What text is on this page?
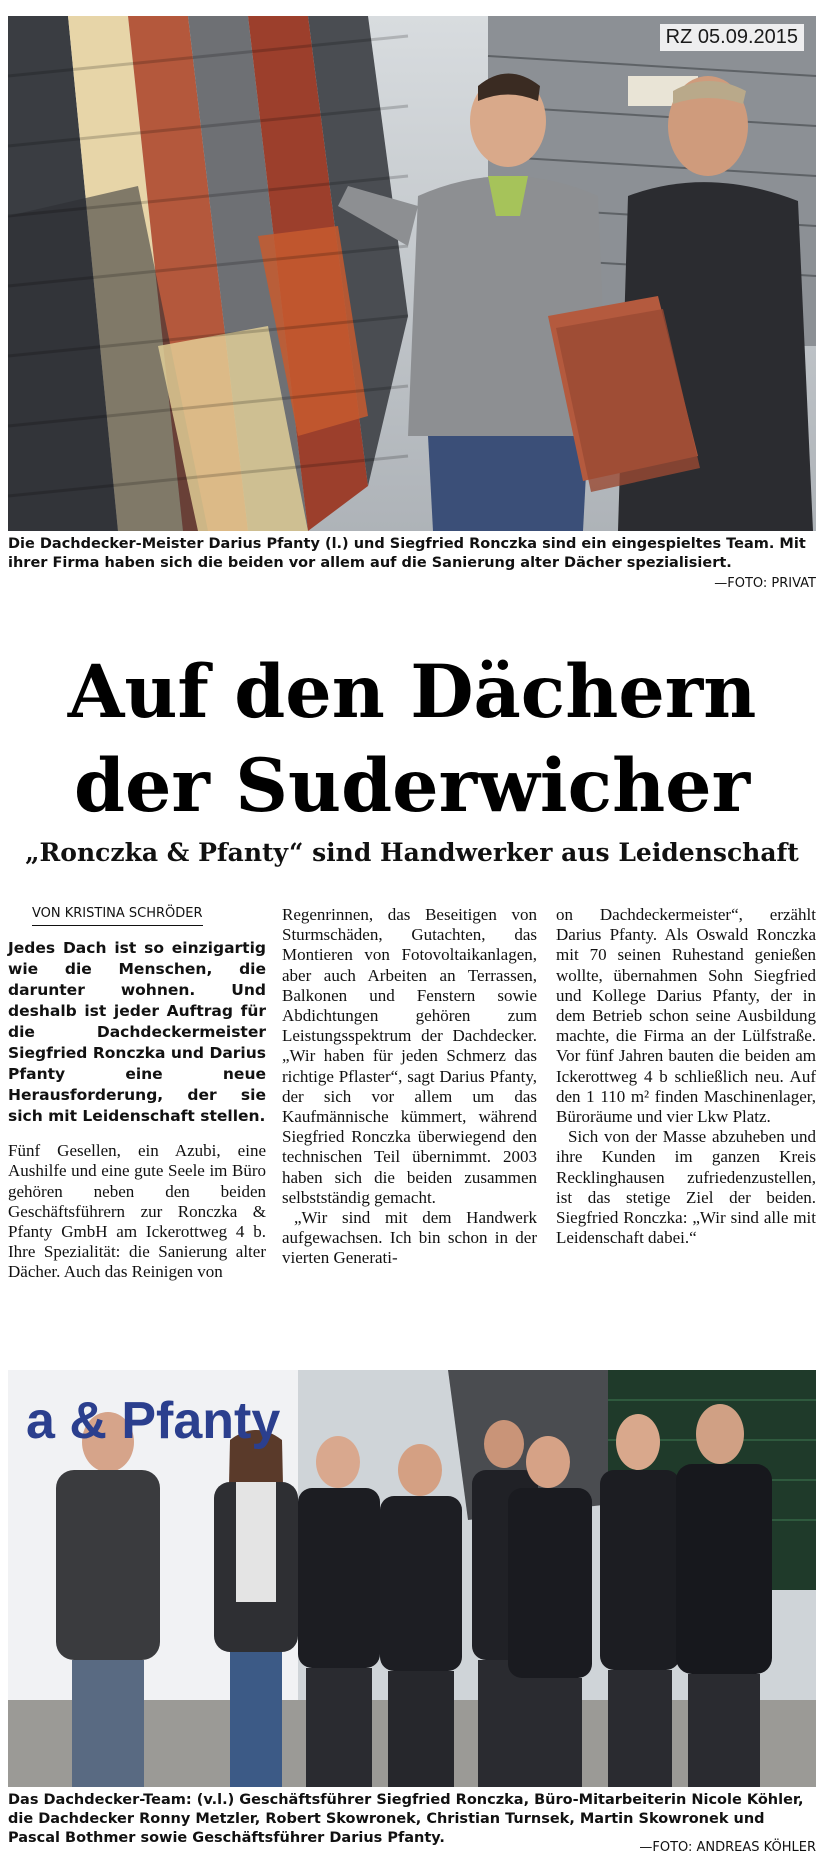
RZ 05.09.2015
Die Dachdecker-Meister Darius Pfanty (l.) und Siegfried Ronczka sind ein eingespieltes Team. Mit ihrer Firma haben sich die beiden vor allem auf die Sanierung alter Dächer spezialisiert.
—FOTO: PRIVAT
Auf den Dächern
der Suderwicher
„Ronczka & Pfanty“ sind Handwerker aus Leidenschaft
VON KRISTINA SCHRÖDER
Jedes Dach ist so einzigartig wie die Menschen, die darunter wohnen. Und deshalb ist jeder Auftrag für die Dachdeckermeister Siegfried Ronczka und Darius Pfanty eine neue Herausforderung, der sie sich mit Leidenschaft stellen.

Fünf Gesellen, ein Azubi, eine Aushilfe und eine gute Seele im Büro gehören neben den beiden Geschäftsführern zur Ronczka & Pfanty GmbH am Ickerottweg 4 b. Ihre Spezialität: die Sanierung alter Dächer. Auch das Reinigen von

Regenrinnen, das Beseitigen von Sturmschäden, Gutachten, das Montieren von Fotovoltaikanlagen, aber auch Arbeiten an Terrassen, Balkonen und Fenstern sowie Abdichtungen gehören zum Leistungsspektrum der Dachdecker. „Wir haben für jeden Schmerz das richtige Pflaster“, sagt Darius Pfanty, der sich vor allem um das Kaufmännische kümmert, während Siegfried Ronczka überwiegend den technischen Teil übernimmt. 2003 haben sich die beiden zusammen selbstständig gemacht.

„Wir sind mit dem Handwerk aufgewachsen. Ich bin schon in der vierten Generati-

on Dachdeckermeister“, erzählt Darius Pfanty. Als Oswald Ronczka mit 70 seinen Ruhestand genießen wollte, übernahmen Sohn Siegfried und Kollege Darius Pfanty, der in dem Betrieb schon seine Ausbildung machte, die Firma an der Lülfstraße. Vor fünf Jahren bauten die beiden am Ickerottweg 4 b schließlich neu. Auf den 1 110 m² finden Maschinenlager, Büroräume und vier Lkw Platz.

Sich von der Masse abzuheben und ihre Kunden im ganzen Kreis Recklinghausen zufriedenzustellen, ist das stetige Ziel der beiden. Siegfried Ronczka: „Wir sind alle mit Leidenschaft dabei.“

a & Pfanty
Das Dachdecker-Team: (v.l.) Geschäftsführer Siegfried Ronczka, Büro-Mitarbeiterin Nicole Köhler, die Dachdecker Ronny Metzler, Robert Skowronek, Christian Turnsek, Martin Skowronek und Pascal Bothmer sowie Geschäftsführer Darius Pfanty.
—FOTO: ANDREAS KÖHLER
